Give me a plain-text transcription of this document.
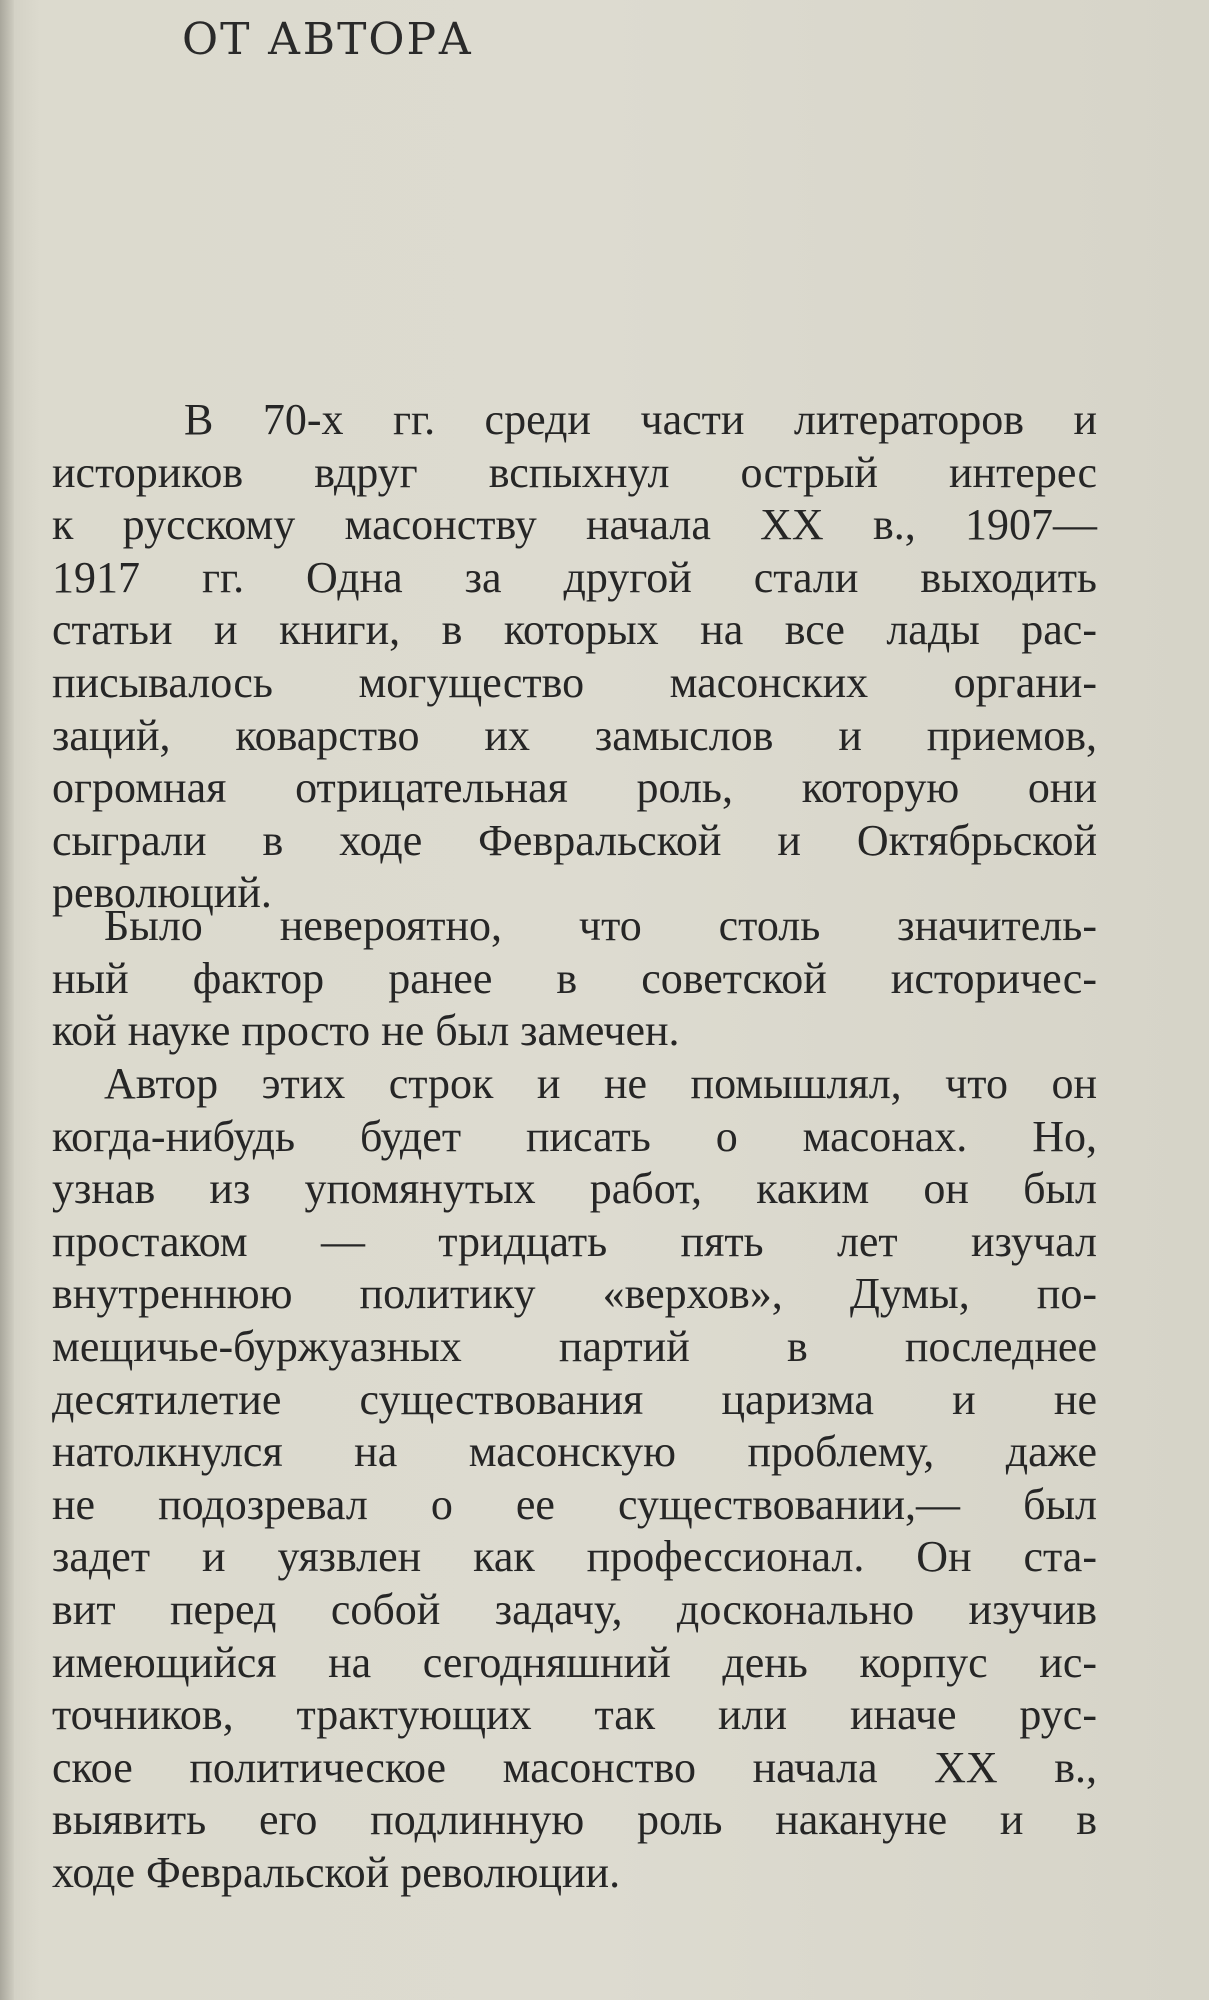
ОТ АВТОРА

В 70-х гг. среди части литераторов и
историков вдруг вспыхнул острый интерес
к русскому масонству начала XX в., 1907—
1917 гг. Одна за другой стали выходить
статьи и книги, в которых на все лады рас-
писывалось могущество масонских органи-
заций, коварство их замыслов и приемов,
огромная отрицательная роль, которую они
сыграли в ходе Февральской и Октябрьской
революций.

Было невероятно, что столь значитель-
ный фактор ранее в советской историчес-
кой науке просто не был замечен.

Автор этих строк и не помышлял, что он
когда-нибудь будет писать о масонах. Но,
узнав из упомянутых работ, каким он был
простаком — тридцать пять лет изучал
внутреннюю политику «верхов», Думы, по-
мещичье-буржуазных партий в последнее
десятилетие существования царизма и не
натолкнулся на масонскую проблему, даже
не подозревал о ее существовании,— был
задет и уязвлен как профессионал. Он ста-
вит перед собой задачу, досконально изучив
имеющийся на сегодняшний день корпус ис-
точников, трактующих так или иначе рус-
ское политическое масонство начала XX в.,
выявить его подлинную роль накануне и в
ходе Февральской революции.
